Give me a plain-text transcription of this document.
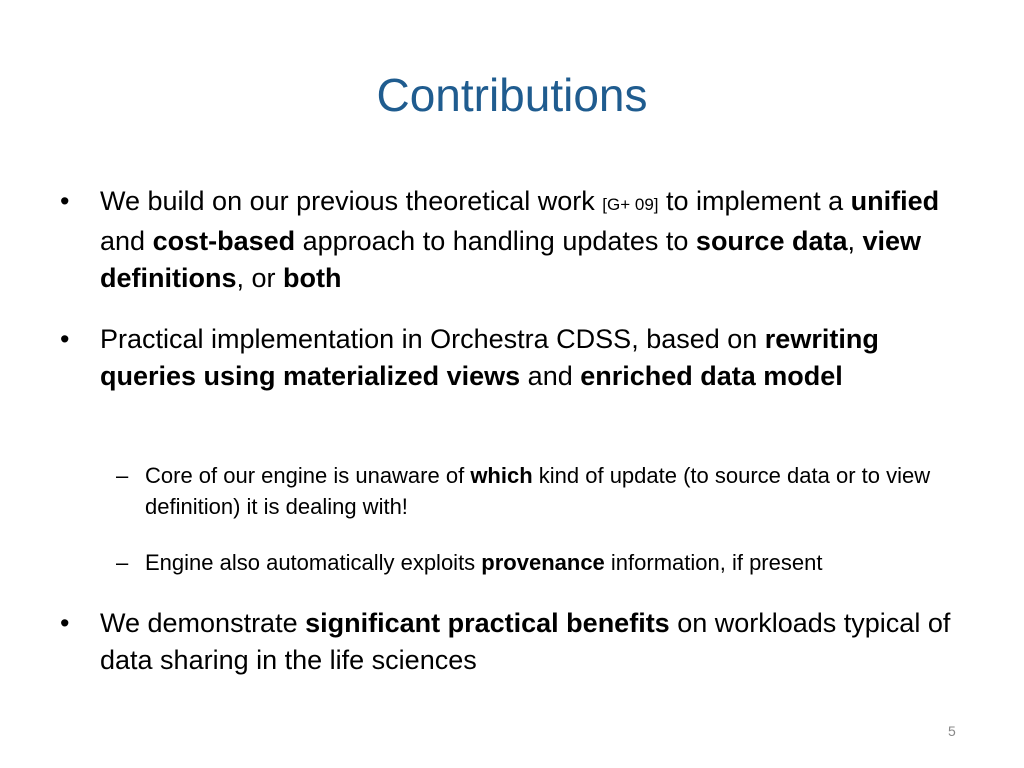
Contributions
•	We build on our previous theoretical work [G+ 09] to implement a unified and cost-based approach to handling updates to source data, view definitions, or both
•	Practical implementation in Orchestra CDSS, based on rewriting queries using materialized views and enriched data model
– Core of our engine is unaware of which kind of update (to source data or to view definition) it is dealing with!
– Engine also automatically exploits provenance information, if present
•	We demonstrate significant practical benefits on workloads typical of data sharing in the life sciences
5
